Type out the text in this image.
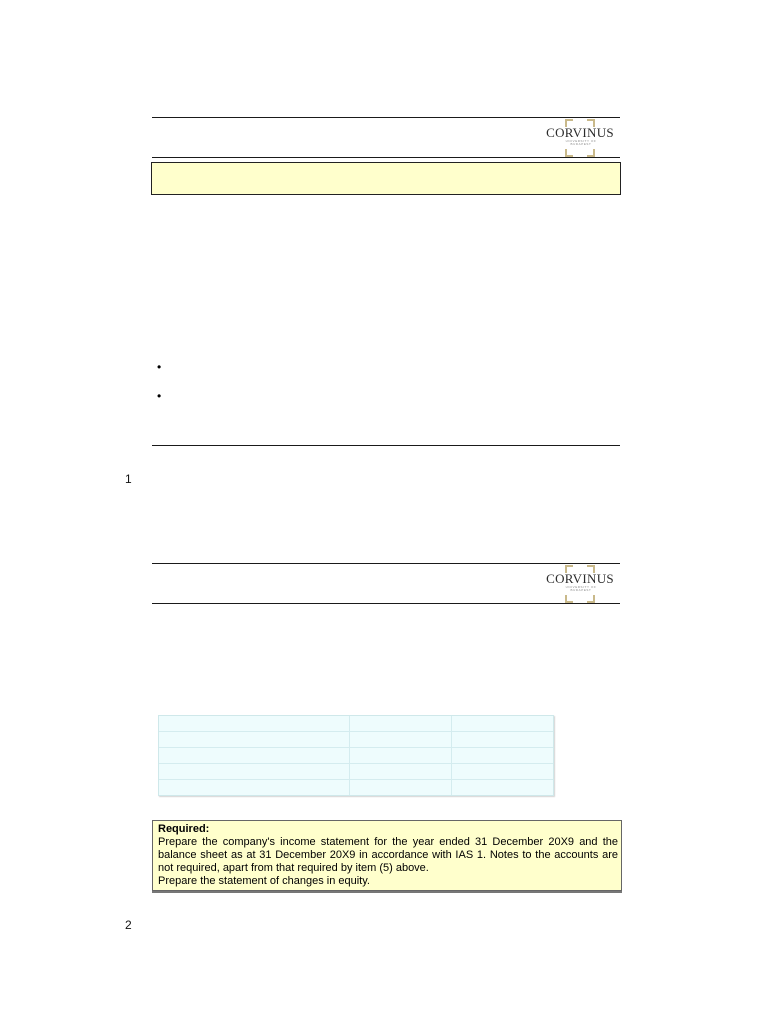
CORVINUS
UNIVERSITY OF
BUDAPEST
•
•
1
CORVINUS
UNIVERSITY OF
BUDAPEST
Required:
Prepare the company's income statement for the year ended 31 December 20X9 and the balance sheet as at 31 December 20X9 in accordance with IAS 1. Notes to the accounts are not required, apart from that required by item (5) above.
Prepare the statement of changes in equity.
2
